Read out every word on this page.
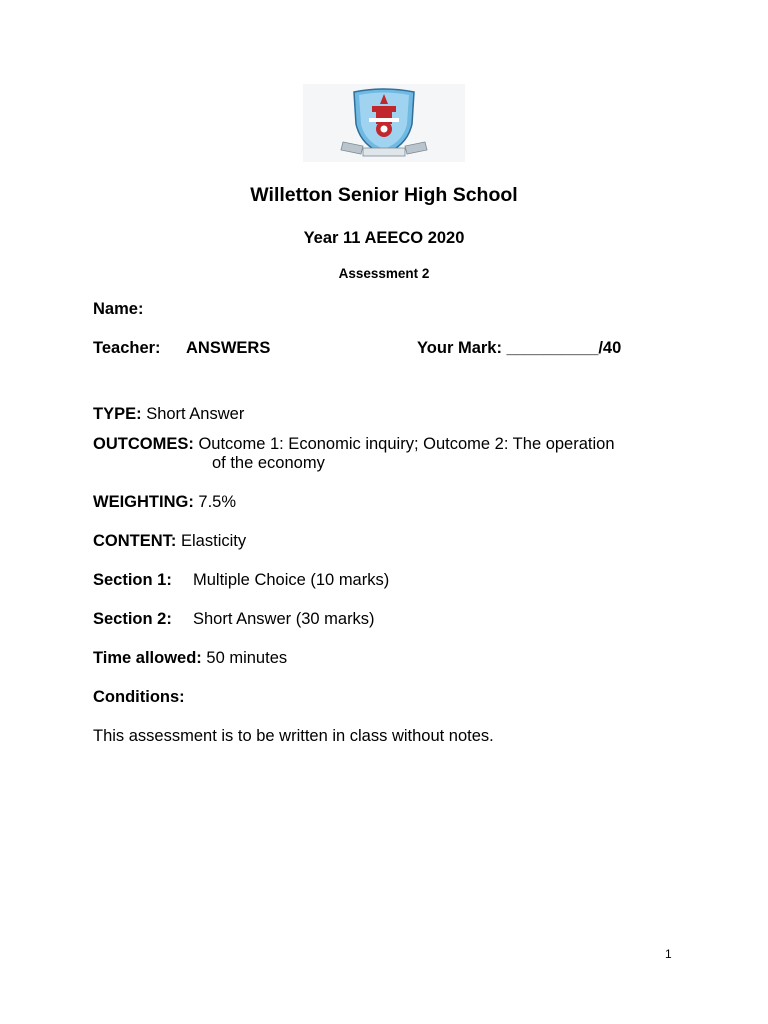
Willetton Senior High School
Year 11 AEECO 2020
Assessment 2
Name:
Teacher: ANSWERS	Your Mark: __________/40
TYPE: Short Answer
OUTCOMES: Outcome 1: Economic inquiry; Outcome 2: The operation
of the economy
WEIGHTING: 7.5%
CONTENT: Elasticity
Section 1: Multiple Choice (10 marks)
Section 2: Short Answer (30 marks)
Time allowed: 50 minutes
Conditions:
This assessment is to be written in class without notes.
1
